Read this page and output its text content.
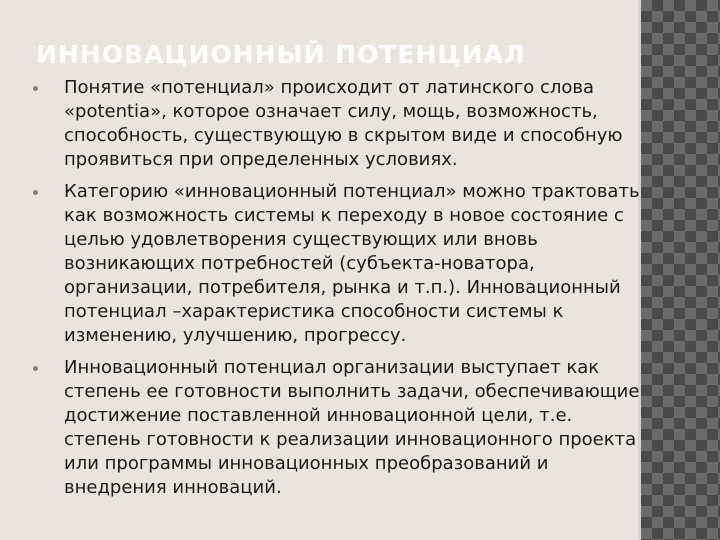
ИННОВАЦИОННЫЙ ПОТЕНЦИАЛ
Понятие «потенциал» происходит от латинского слова «potentia», которое означает силу, мощь, возможность, способность, существующую в скрытом виде и способную проявиться при определенных условиях.
Категорию «инновационный потенциал» можно трактовать как возможность системы к переходу в новое состояние с целью удовлетворения существующих или вновь возникающих потребностей (субъекта-новатора, организации, потребителя, рынка и т.п.). Инновационный потенциал –характеристика способности системы к изменению, улучшению, прогрессу.
Инновационный потенциал организации выступает как степень ее готовности выполнить задачи, обеспечивающие достижение поставленной инновационной цели, т.е. степень готовности к реализации инновационного проекта или программы инновационных преобразований и внедрения инноваций.
